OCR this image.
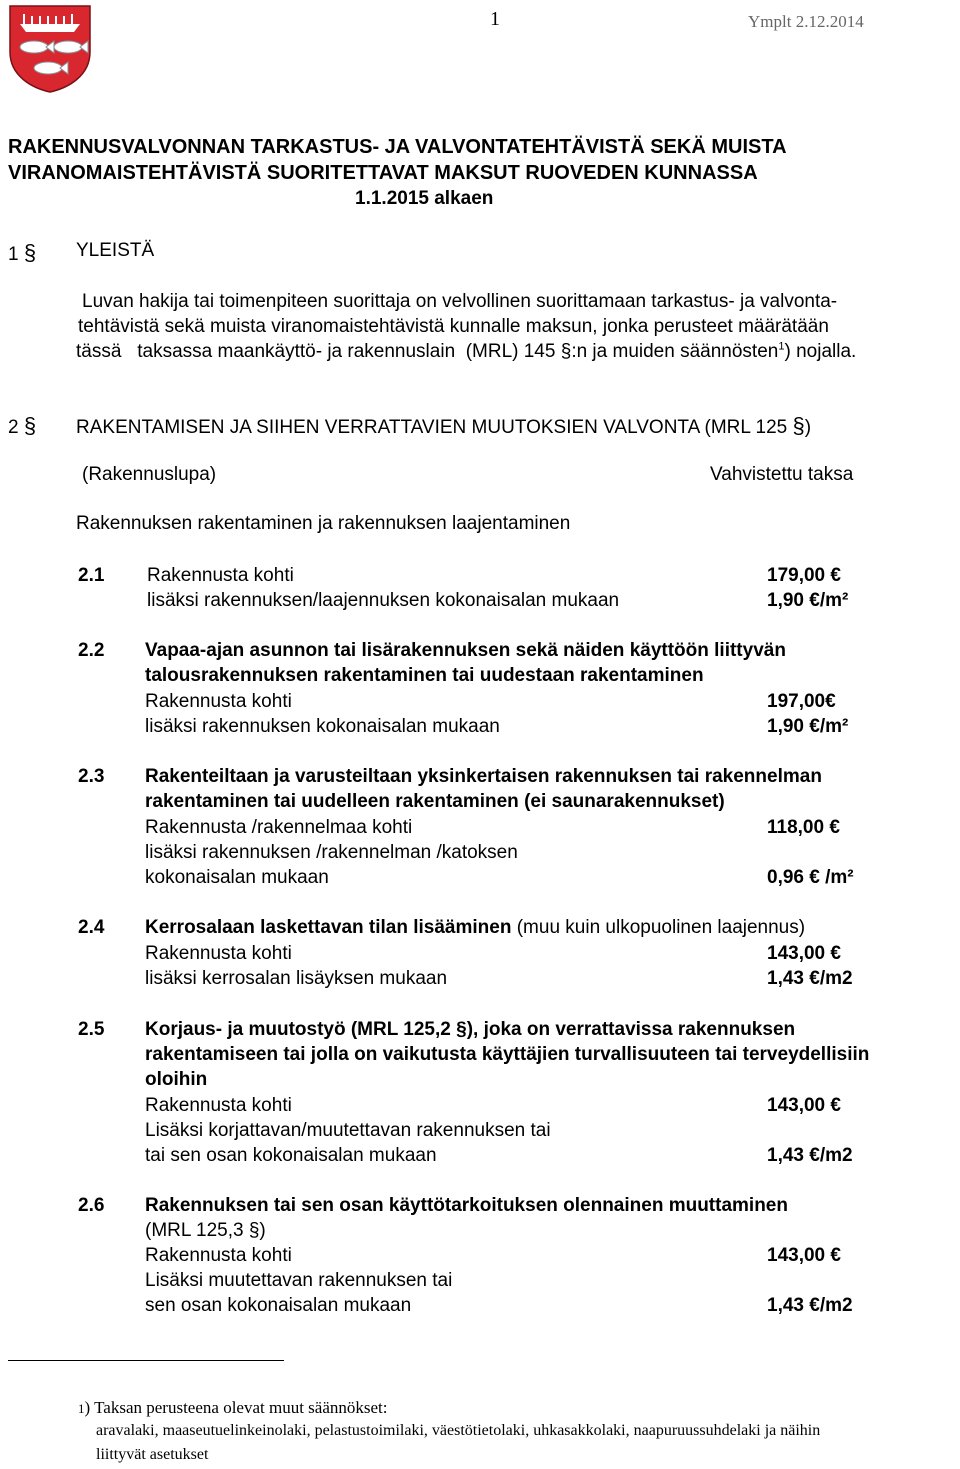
1	Ymplt 2.12.2014
RAKENNUSVALVONNAN TARKASTUS- JA VALVONTATEHTÄVISTÄ SEKÄ MUISTA
VIRANOMAISTEHTÄVISTÄ SUORITETTAVAT MAKSUT RUOVEDEN KUNNASSA
1.1.2015 alkaen
1 § YLEISTÄ
Luvan hakija tai toimenpiteen suorittaja on velvollinen suorittamaan tarkastus- ja valvonta-
tehtävistä sekä muista viranomaistehtävistä kunnalle maksun, jonka perusteet määrätään
tässä   taksassa maankäyttö- ja rakennuslain  (MRL) 145 §:n ja muiden säännösten$^1$) nojalla.
2 § RAKENTAMISEN JA SIIHEN VERRATTAVIEN MUUTOKSIEN VALVONTA (MRL 125 §)
(Rakennuslupa)	Vahvistettu taksa
Rakennuksen rakentaminen ja rakennuksen laajentaminen
2.1 Rakennusta kohti	179,00 €
lisäksi rakennuksen/laajennuksen kokonaisalan mukaan	1,90 €/m²
2.2 Vapaa-ajan asunnon tai lisärakennuksen sekä näiden käyttöön liittyvän
talousrakennuksen rakentaminen tai uudestaan rakentaminen
Rakennusta kohti	197,00€
lisäksi rakennuksen kokonaisalan mukaan	1,90 €/m²
2.3 Rakenteiltaan ja varusteiltaan yksinkertaisen rakennuksen tai rakennelman
rakentaminen tai uudelleen rakentaminen (ei saunarakennukset)
Rakennusta /rakennelmaa kohti	118,00 €
lisäksi rakennuksen /rakennelman /katoksen
kokonaisalan mukaan	0,96 € /m²
2.4 Kerrosalaan laskettavan tilan lisääminen (muu kuin ulkopuolinen laajennus)
Rakennusta kohti	143,00 €
lisäksi kerrosalan lisäyksen mukaan	1,43 €/m2
2.5 Korjaus- ja muutostyö (MRL 125,2 §), joka on verrattavissa rakennuksen
rakentamiseen tai jolla on vaikutusta käyttäjien turvallisuuteen tai terveydellisiin
oloihin
Rakennusta kohti	143,00 €
Lisäksi korjattavan/muutettavan rakennuksen tai
tai sen osan kokonaisalan mukaan	1,43 €/m2
2.6 Rakennuksen tai sen osan käyttötarkoituksen olennainen muuttaminen
(MRL 125,3 §)
Rakennusta kohti	143,00 €
Lisäksi muutettavan rakennuksen tai
sen osan kokonaisalan mukaan	1,43 €/m2
1) Taksan perusteena olevat muut säännökset:
aravalaki, maaseutuelinkeinolaki, pelastustoimilaki, väestötietolaki, uhkasakkolaki, naapuruussuhdelaki ja näihin
liittyvät asetukset
